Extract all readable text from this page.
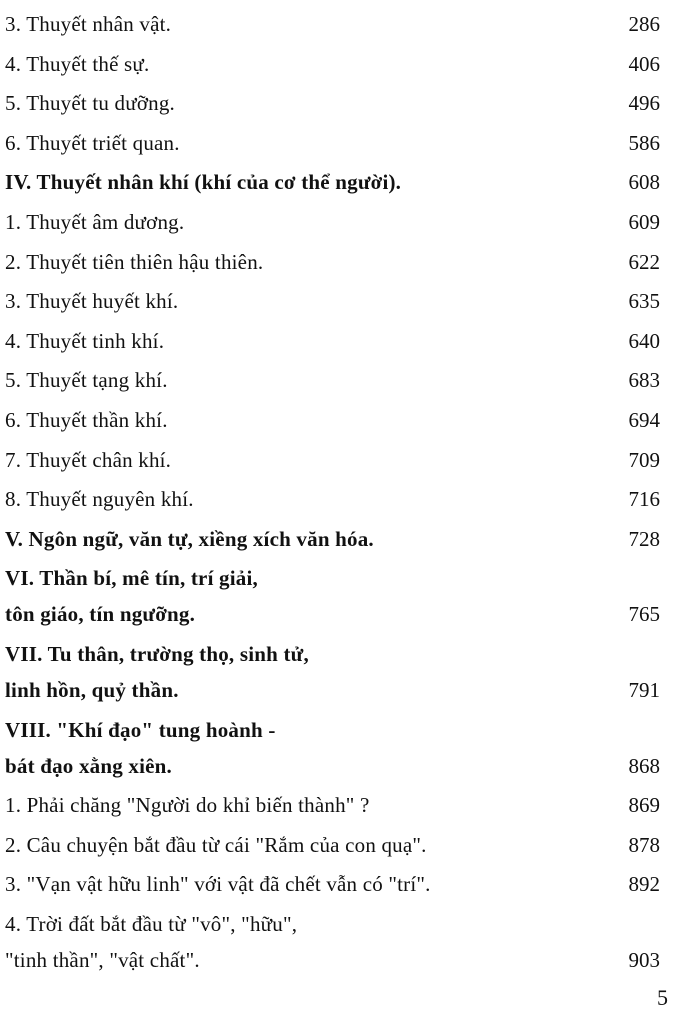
3. Thuyết nhân vật.	286
4. Thuyết thế sự.	406
5. Thuyết tu dưỡng.	496
6. Thuyết triết quan.	586
IV. Thuyết nhân khí (khí của cơ thể người).	608
1. Thuyết âm dương.	609
2. Thuyết tiên thiên hậu thiên.	622
3. Thuyết huyết khí.	635
4. Thuyết tinh khí.	640
5. Thuyết tạng khí.	683
6. Thuyết thần khí.	694
7. Thuyết chân khí.	709
8. Thuyết nguyên khí.	716
V. Ngôn ngữ, văn tự, xiềng xích văn hóa.	728
VI. Thần bí, mê tín, trí giải,
tôn giáo, tín ngưỡng.	765
VII. Tu thân, trường thọ, sinh tử,
linh hồn, quỷ thần.	791
VIII. "Khí đạo" tung hoành -
bát đạo xằng xiên.	868
1. Phải chăng "Người do khỉ biến thành" ?	869
2. Câu chuyện bắt đầu từ cái "Rắm của con quạ".	878
3. "Vạn vật hữu linh" với vật đã chết vẫn có "trí".	892
4. Trời đất bắt đầu từ "vô", "hữu",
"tinh thần", "vật chất".	903
5
